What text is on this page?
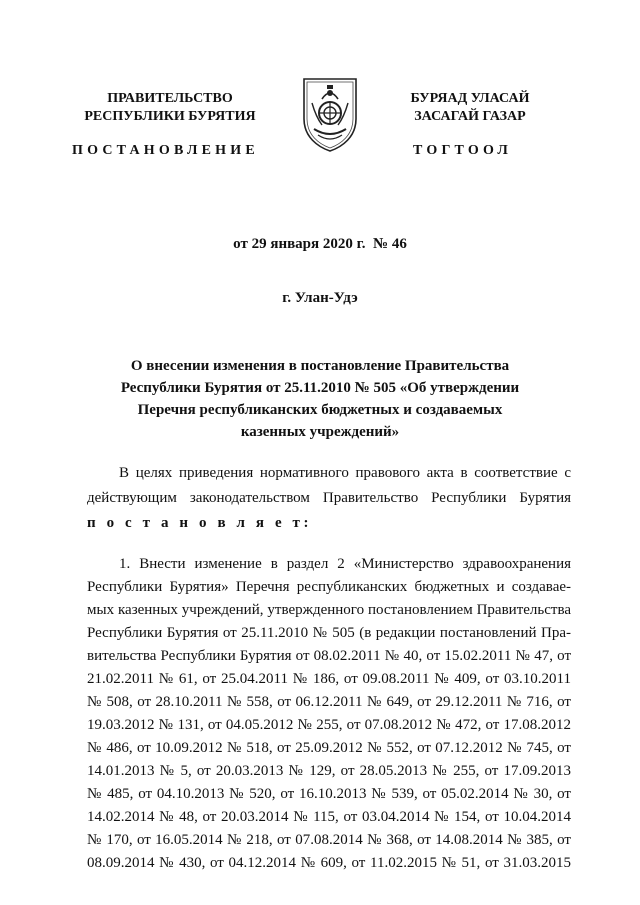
ПРАВИТЕЛЬСТВО
РЕСПУБЛИКИ БУРЯТИЯ
БУРЯАД УЛАСАЙ
ЗАСАГАЙ ГАЗАР
ПОСТАНОВЛЕНИЕ	ТОГТООЛ
от 29 января 2020 г.  № 46
г. Улан-Удэ
О внесении изменения в постановление Правительства
Республики Бурятия от 25.11.2010 № 505 «Об утверждении
Перечня республиканских бюджетных и создаваемых
казенных учреждений»
В целях приведения нормативного правового акта в соответствие с
действующим законодательством Правительство Республики Бурятия
п о с т а н о в л я е т:
1. Внести изменение в раздел 2 «Министерство здравоохранения
Республики Бурятия» Перечня республиканских бюджетных и создавае-
мых казенных учреждений, утвержденного постановлением Правительства
Республики Бурятия от 25.11.2010 № 505 (в редакции постановлений Пра-
вительства Республики Бурятия от 08.02.2011 № 40, от 15.02.2011 № 47, от
21.02.2011 № 61, от 25.04.2011 № 186, от 09.08.2011 № 409, от 03.10.2011
№ 508, от 28.10.2011 № 558, от 06.12.2011 № 649, от 29.12.2011 № 716, от
19.03.2012 № 131, от 04.05.2012 № 255, от 07.08.2012 № 472, от 17.08.2012
№ 486, от 10.09.2012 № 518, от 25.09.2012 № 552, от 07.12.2012 № 745, от
14.01.2013 № 5, от 20.03.2013 № 129, от 28.05.2013 № 255, от 17.09.2013
№ 485, от 04.10.2013 № 520, от 16.10.2013 № 539, от 05.02.2014 № 30, от
14.02.2014 № 48, от 20.03.2014 № 115, от 03.04.2014 № 154, от 10.04.2014
№ 170, от 16.05.2014 № 218, от 07.08.2014 № 368, от 14.08.2014 № 385, от
08.09.2014 № 430, от 04.12.2014 № 609, от 11.02.2015 № 51, от 31.03.2015
